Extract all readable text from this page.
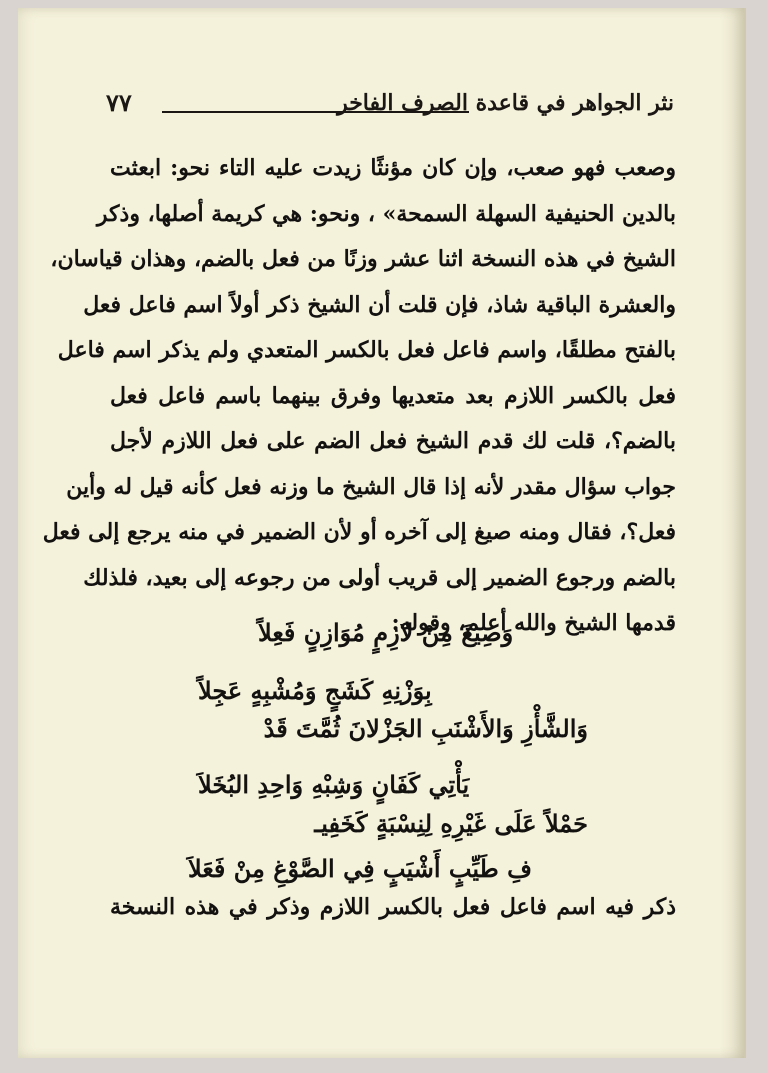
نثر الجواهر في قاعدة الصرف الفاخر
٧٧
وصعب فهو صعب، وإن كان مؤنثًا زيدت عليه التاء نحو: ابعثت
بالدين الحنيفية السهلة السمحة» ، ونحو: هي كريمة أصلها، وذكر
الشيخ في هذه النسخة اثنا عشر وزنًا من فعل بالضم، وهذان قياسان،
والعشرة الباقية شاذ، فإن قلت أن الشيخ ذكر أولاً اسم فاعل فعل
بالفتح مطلقًا، واسم فاعل فعل بالكسر المتعدي ولم يذكر اسم فاعل
فعل بالكسر اللازم بعد متعديها وفرق بينهما باسم فاعل فعل
بالضم؟، قلت لك قدم الشيخ فعل الضم على فعل اللازم لأجل
جواب سؤال مقدر لأنه إذا قال الشيخ ما وزنه فعل كأنه قيل له وأين
فعل؟، فقال ومنه صيغ إلى آخره أو لأن الضمير في منه يرجع إلى فعل
بالضم ورجوع الضمير إلى قريب أولى من رجوعه إلى بعيد، فلذلك
قدمها الشيخ والله أعلم، وقوله:
وَصِيغَ مِنْ لازِمٍ مُوَازِنٍ فَعِلاً
بِوَزْنِهِ كَشَجٍ وَمُشْبِهٍ عَجِلاً
وَالشَّأْزِ وَالأَشْنَبِ الجَزْلانَ ثُمَّتَ قَدْ
يَأْتِي كَفَانٍ وَشِبْهِ وَاحِدِ البُخَلاَ
حَمْلاً عَلَى غَيْرِهِ لِنِسْبَةٍ كَخَفِيـ
فِ طَيِّبٍ أَشْيَبٍ فِي الصَّوْغِ مِنْ فَعَلاَ
ذكر فيه اسم فاعل فعل بالكسر اللازم وذكر في هذه النسخة
